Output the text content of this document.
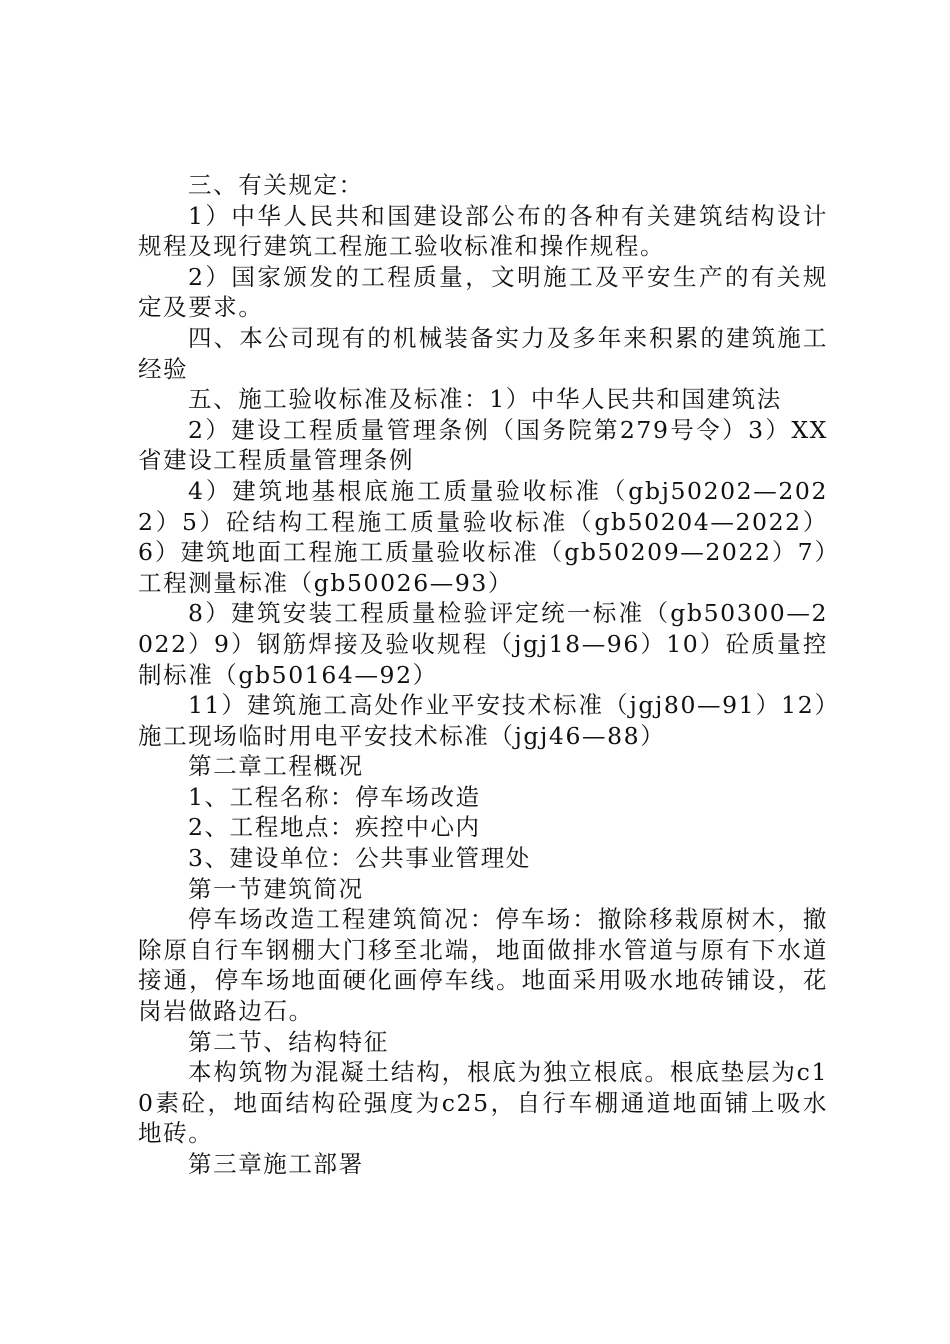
三、有关规定：

1）中华人民共和国建设部公布的各种有关建筑结构设计规程及现行建筑工程施工验收标准和操作规程。

2）国家颁发的工程质量，文明施工及平安生产的有关规定及要求。

四、本公司现有的机械装备实力及多年来积累的建筑施工经验

五、施工验收标准及标准：1）中华人民共和国建筑法

2）建设工程质量管理条例（国务院第279号令）3）XX省建设工程质量管理条例

4）建筑地基根底施工质量验收标准（gbj50202—2022）5）砼结构工程施工质量验收标准（gb50204—2022）6）建筑地面工程施工质量验收标准（gb50209—2022）7）工程测量标准（gb50026—93）

8）建筑安装工程质量检验评定统一标准（gb50300—2022）9）钢筋焊接及验收规程（jgj18—96）10）砼质量控制标准（gb50164—92）

11）建筑施工高处作业平安技术标准（jgj80—91）12）施工现场临时用电平安技术标准（jgj46—88）

第二章工程概况

1、工程名称：停车场改造

2、工程地点：疾控中心内

3、建设单位：公共事业管理处

第一节建筑简况

停车场改造工程建筑简况：停车场：撤除移栽原树木，撤除原自行车钢棚大门移至北端，地面做排水管道与原有下水道接通，停车场地面硬化画停车线。地面采用吸水地砖铺设，花岗岩做路边石。

第二节、结构特征

本构筑物为混凝土结构，根底为独立根底。根底垫层为c10素砼，地面结构砼强度为c25，自行车棚通道地面铺上吸水地砖。

第三章施工部署
